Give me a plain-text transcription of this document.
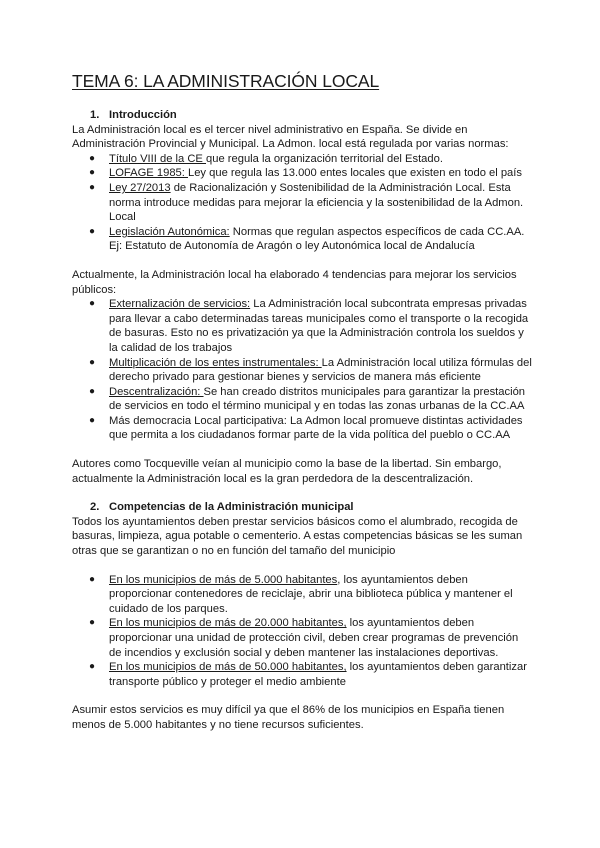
TEMA 6: LA ADMINISTRACIÓN LOCAL
1. Introducción

La Administración local es el tercer nivel administrativo en España. Se divide en Administración Provincial y Municipal. La Admon. local está regulada por varias normas:

● Título VIII de la CE que regula la organización territorial del Estado.
● LOFAGE 1985: Ley que regula las 13.000 entes locales que existen en todo el país
● Ley 27/2013 de Racionalización y Sostenibilidad de la Administración Local. Esta norma introduce medidas para mejorar la eficiencia y la sostenibilidad de la Admon. Local
● Legislación Autonómica: Normas que regulan aspectos específicos de cada CC.AA. Ej: Estatuto de Autonomía de Aragón o ley Autonómica local de Andalucía

Actualmente, la Administración local ha elaborado 4 tendencias para mejorar los servicios públicos:

● Externalización de servicios: La Administración local subcontrata empresas privadas para llevar a cabo determinadas tareas municipales como el transporte o la recogida de basuras. Esto no es privatización ya que la Administración controla los sueldos y la calidad de los trabajos
● Multiplicación de los entes instrumentales: La Administración local utiliza fórmulas del derecho privado para gestionar bienes y servicios de manera más eficiente
● Descentralización: Se han creado distritos municipales para garantizar la prestación de servicios en todo el término municipal y en todas las zonas urbanas de la CC.AA
● Más democracia Local participativa: La Admon local promueve distintas actividades que permita a los ciudadanos formar parte de la vida política del pueblo o CC.AA

Autores como Tocqueville veían al municipio como la base de la libertad. Sin embargo, actualmente la Administración local es la gran perdedora de la descentralización.

2. Competencias de la Administración municipal

Todos los ayuntamientos deben prestar servicios básicos como el alumbrado, recogida de basuras, limpieza, agua potable o cementerio. A estas competencias básicas se les suman otras que se garantizan o no en función del tamaño del municipio

● En los municipios de más de 5.000 habitantes, los ayuntamientos deben proporcionar contenedores de reciclaje, abrir una biblioteca pública y mantener el cuidado de los parques.
● En los municipios de más de 20.000 habitantes, los ayuntamientos deben proporcionar una unidad de protección civil, deben crear programas de prevención de incendios y exclusión social y deben mantener las instalaciones deportivas.
● En los municipios de más de 50.000 habitantes, los ayuntamientos deben garantizar transporte público y proteger el medio ambiente

Asumir estos servicios es muy difícil ya que el 86% de los municipios en España tienen menos de 5.000 habitantes y no tiene recursos suficientes.
